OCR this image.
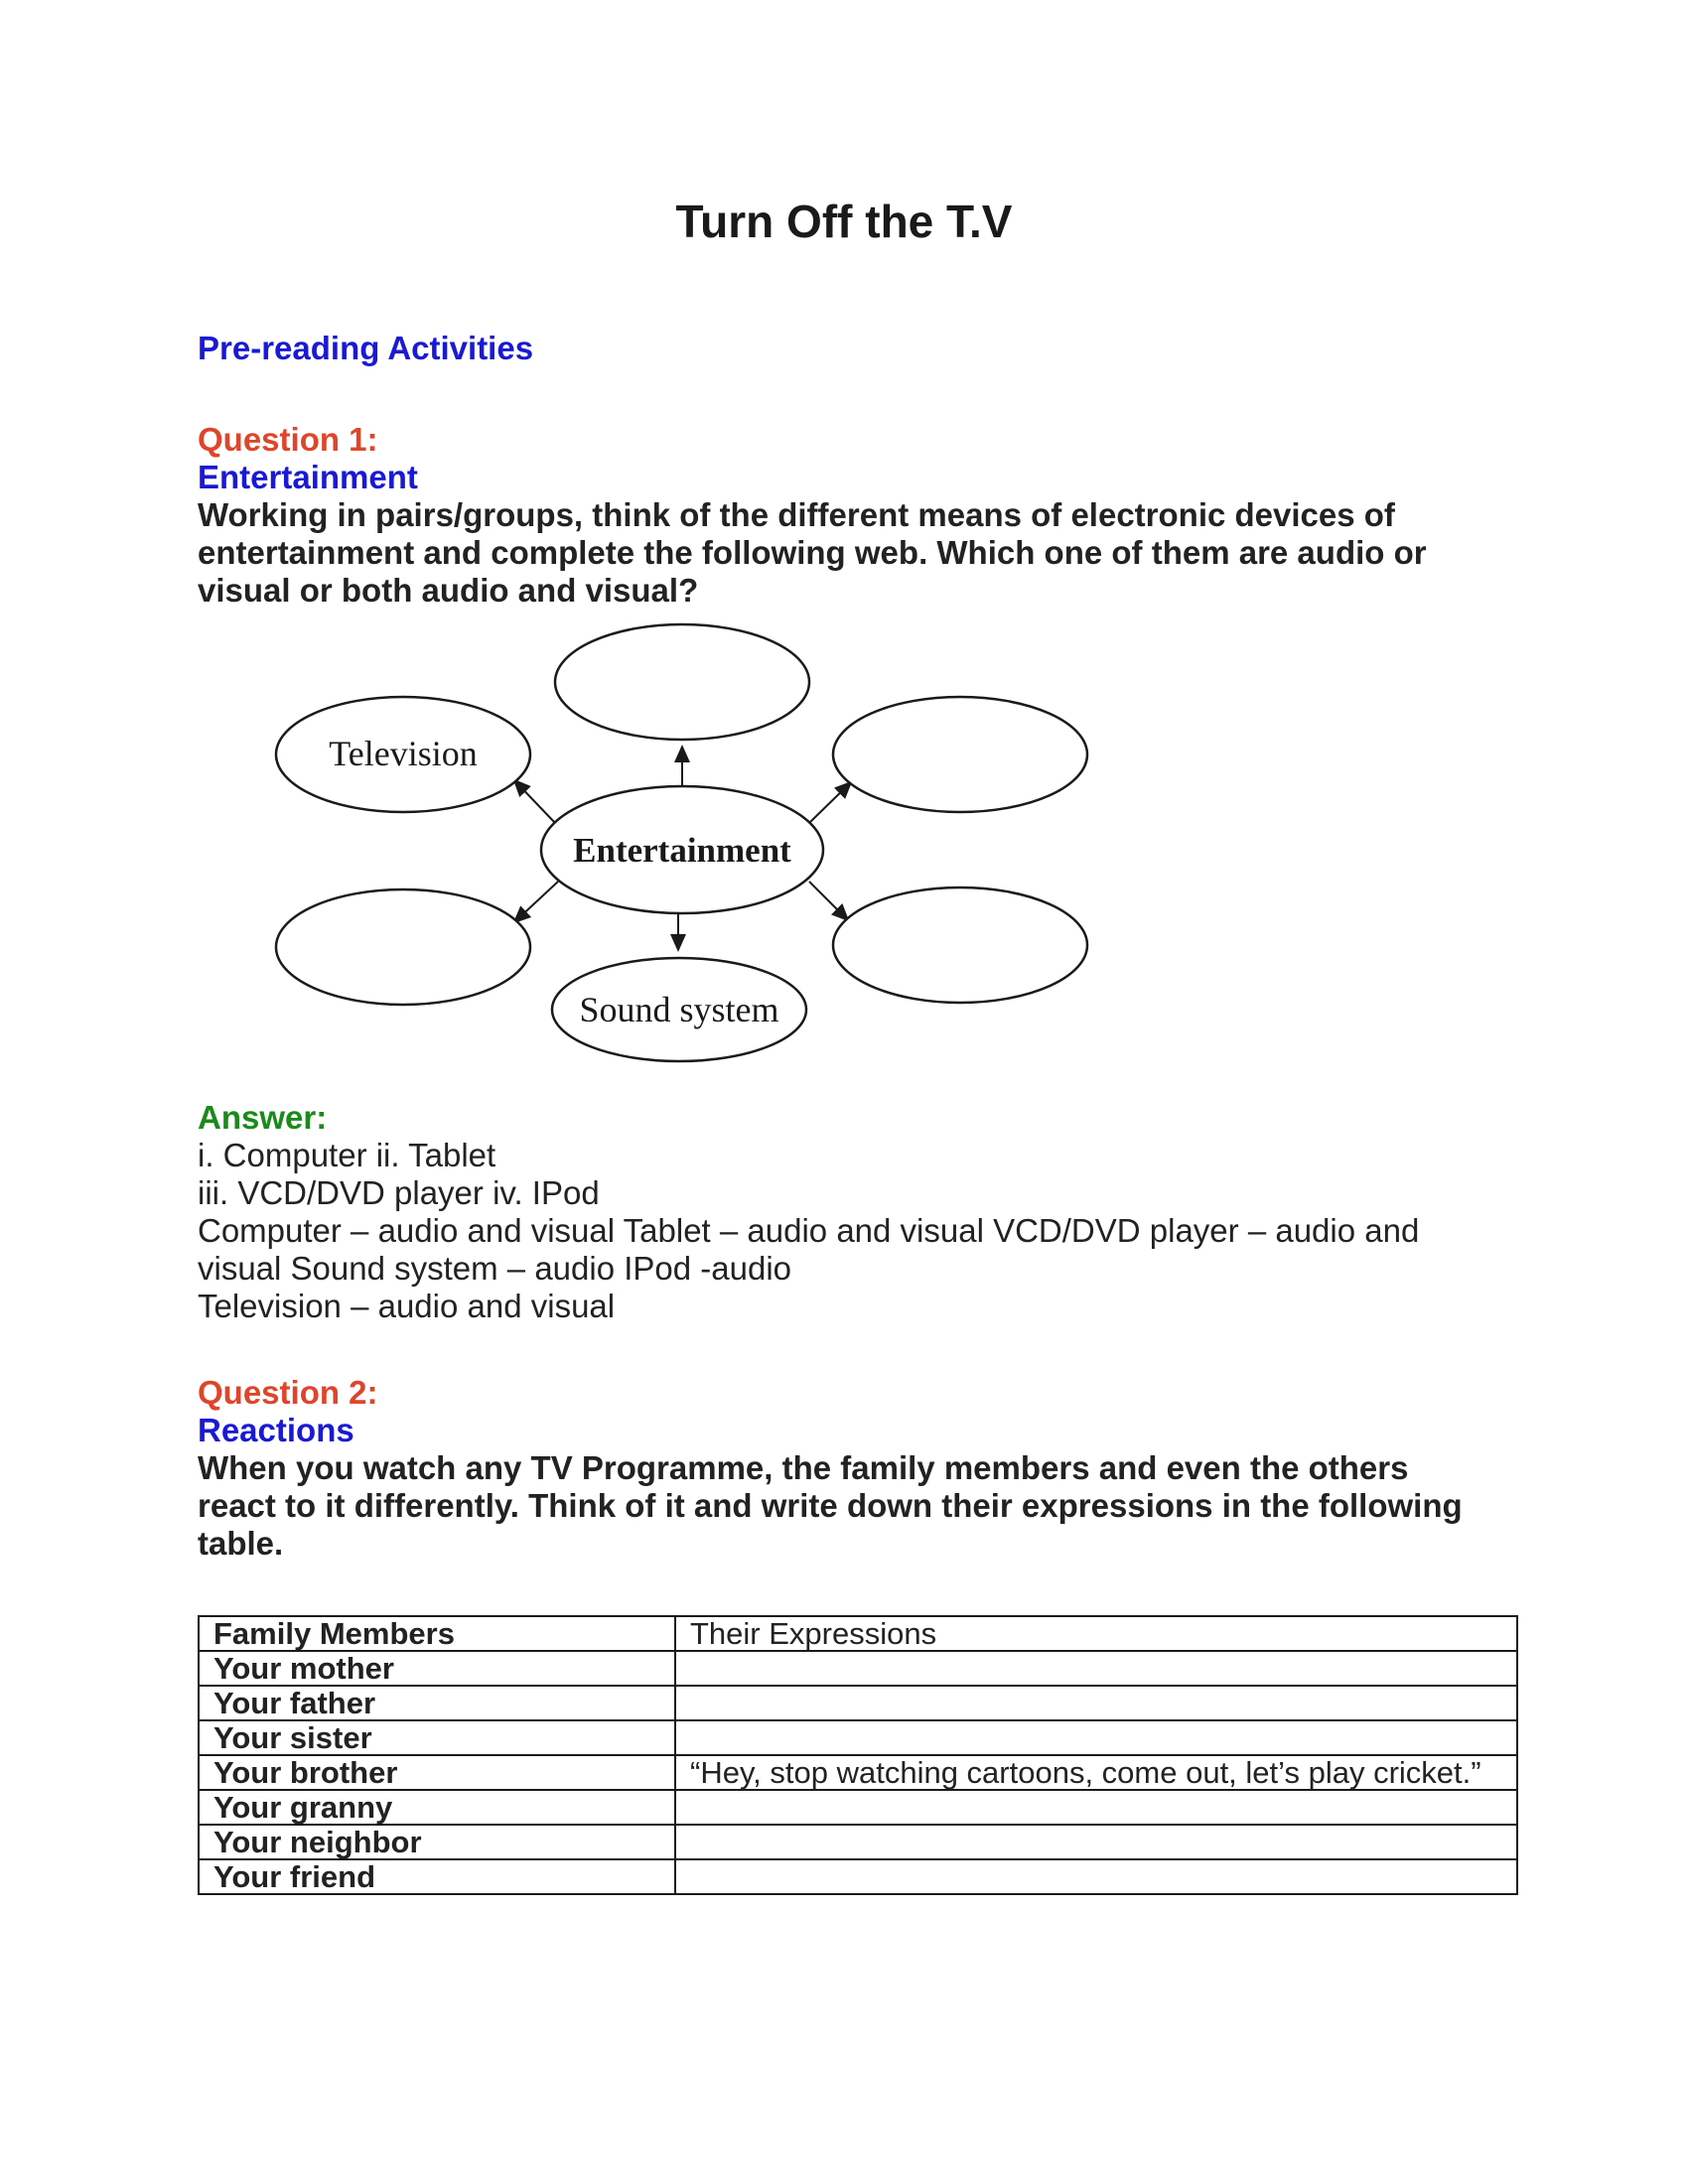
Turn Off the T.V
Pre-reading Activities
Question 1:
Entertainment

Working in pairs/groups, think of the different means of electronic devices of

entertainment and complete the following web. Which one of them are audio or

visual or both audio and visual?

Entertainment
Television
Sound system
Answer:

i. Computer ii. Tablet

iii. VCD/DVD player iv. IPod

Computer – audio and visual Tablet – audio and visual VCD/DVD player – audio and

visual Sound system – audio IPod -audio

Television – audio and visual

Question 2:
Reactions

When you watch any TV Programme, the family members and even the others

react to it differently. Think of it and write down their expressions in the following

table.

Family Members	Their Expressions
Your mother	
Your father	
Your sister	
Your brother	“Hey, stop watching cartoons, come out, let’s play cricket.”
Your granny	
Your neighbor	
Your friend	
